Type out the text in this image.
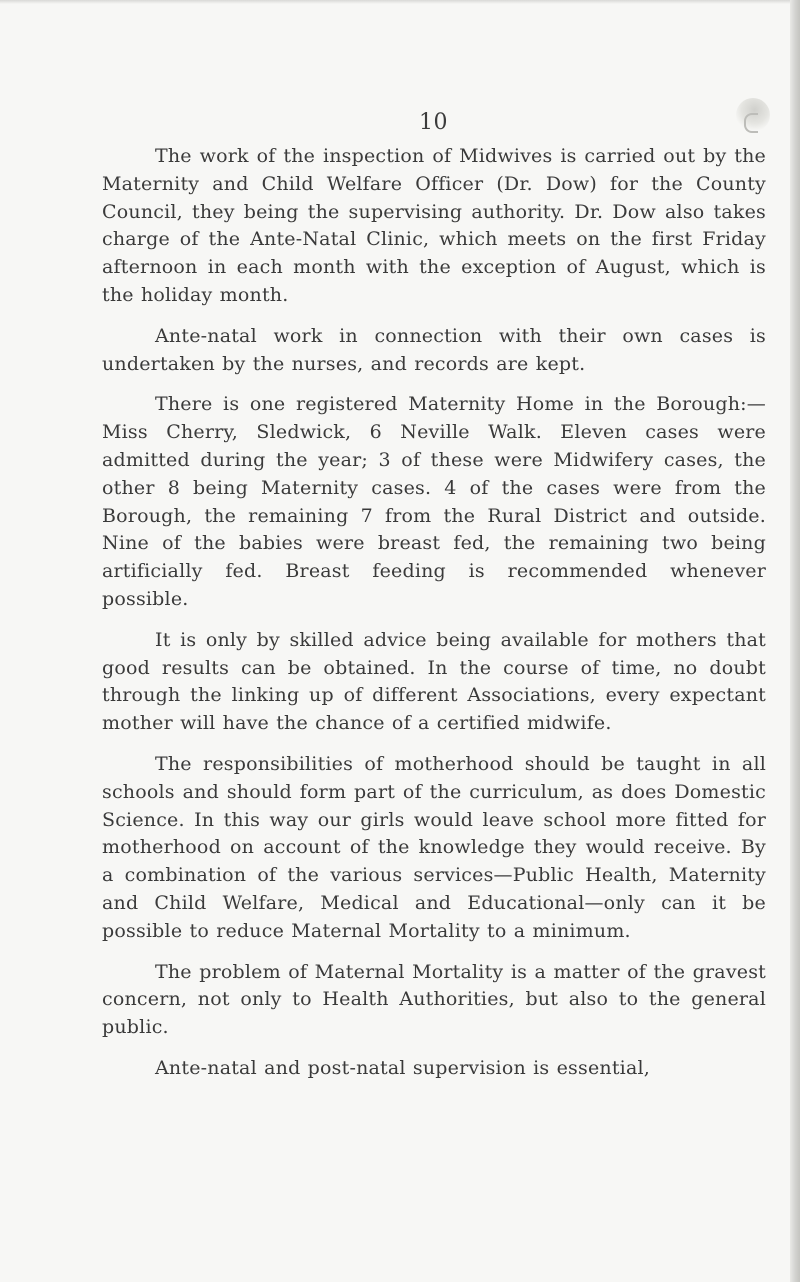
10

The work of the inspection of Midwives is carried out by the Maternity and Child Welfare Officer (Dr. Dow) for the County Council, they being the supervising authority. Dr. Dow also takes charge of the Ante-Natal Clinic, which meets on the first Friday afternoon in each month with the exception of August, which is the holiday month.

Ante-natal work in connection with their own cases is undertaken by the nurses, and records are kept.

There is one registered Maternity Home in the Borough:—Miss Cherry, Sledwick, 6 Neville Walk. Eleven cases were admitted during the year; 3 of these were Midwifery cases, the other 8 being Maternity cases. 4 of the cases were from the Borough, the remaining 7 from the Rural District and outside. Nine of the babies were breast fed, the remaining two being artificially fed. Breast feeding is recommended whenever possible.

It is only by skilled advice being available for mothers that good results can be obtained. In the course of time, no doubt through the linking up of different Associations, every expectant mother will have the chance of a certified midwife.

The responsibilities of motherhood should be taught in all schools and should form part of the curriculum, as does Domestic Science. In this way our girls would leave school more fitted for motherhood on account of the knowledge they would receive. By a combination of the various services—Public Health, Maternity and Child Welfare, Medical and Educational—only can it be possible to reduce Maternal Mortality to a minimum.

The problem of Maternal Mortality is a matter of the gravest concern, not only to Health Authorities, but also to the general public.

Ante-natal and post-natal supervision is essential,
